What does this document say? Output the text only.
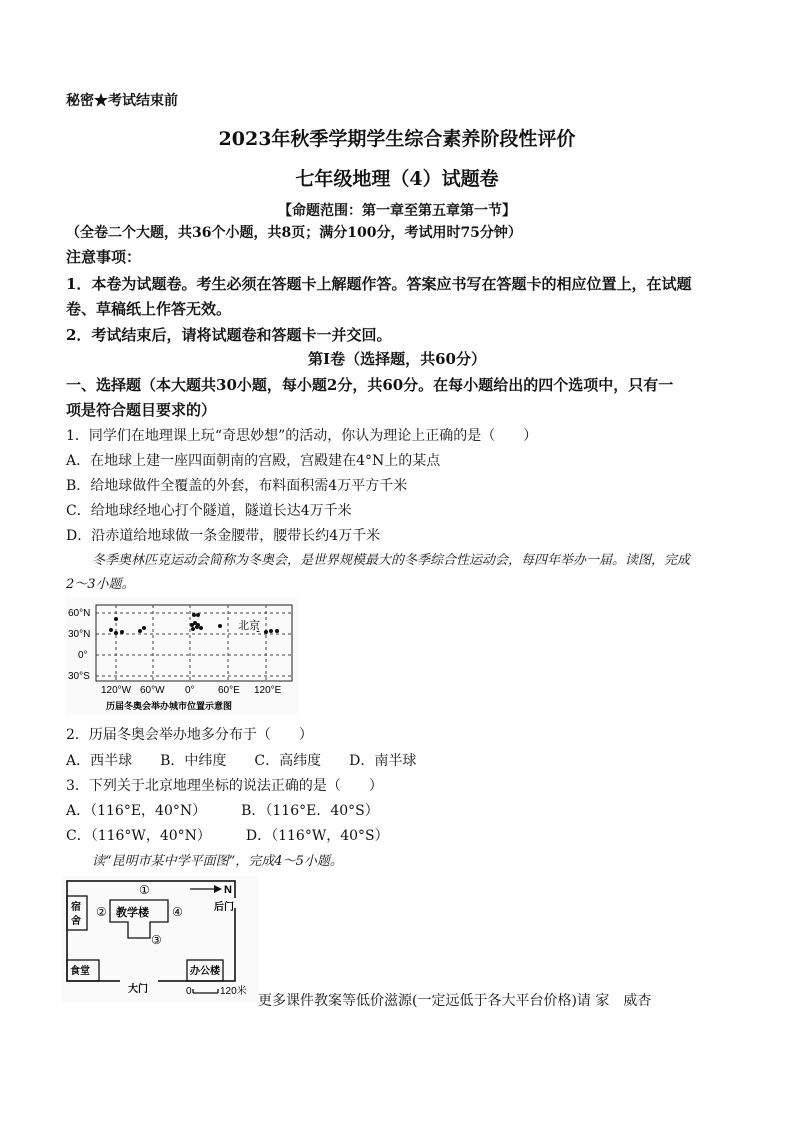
秘密★考试结束前
2023年秋季学期学生综合素养阶段性评价
七年级地理（4）试题卷
【命题范围：第一章至第五章第一节】
（全卷二个大题，共36个小题，共8页；满分100分，考试用时75分钟）
注意事项：
1．本卷为试题卷。考生必须在答题卡上解题作答。答案应书写在答题卡的相应位置上，在试题
卷、草稿纸上作答无效。
2．考试结束后，请将试题卷和答题卡一并交回。
第Ⅰ卷（选择题，共60分）
一、选择题（本大题共30小题，每小题2分，共60分。在每小题给出的四个选项中，只有一
项是符合题目要求的）
1．同学们在地理课上玩“奇思妙想”的活动，你认为理论上正确的是（　　）
A．在地球上建一座四面朝南的宫殿，宫殿建在4°N上的某点
B．给地球做件全覆盖的外套，布料面积需4万平方千米
C．给地球经地心打个隧道，隧道长达4万千米
D．沿赤道给地球做一条金腰带，腰带长约4万千米
冬季奥林匹克运动会简称为冬奥会，是世界规模最大的冬季综合性运动会，每四年举办一届。读图，完成
2～3小题。
北京
60°N
30°N
0°
30°S
120°W 60°W 0° 60°E 120°E
历届冬奥会举办城市位置示意图
2．历届冬奥会举办地多分布于（　　）
A．西半球　　B．中纬度　　C．高纬度　　D．南半球
3．下列关于北京地理坐标的说法正确的是（　　）
A．（116°E，40°N）　　　B．（116°E．40°S）
C．（116°W，40°N）　　　D．（116°W，40°S）
读“昆明市某中学平面图”，完成4～5小题。
宿
舍
教学楼
①
②
③
④
N
后门
食堂	办公楼
大门	0	120米
更多课件教案等低价滋源(一定远低于各大平台价格)请 家　威杏
